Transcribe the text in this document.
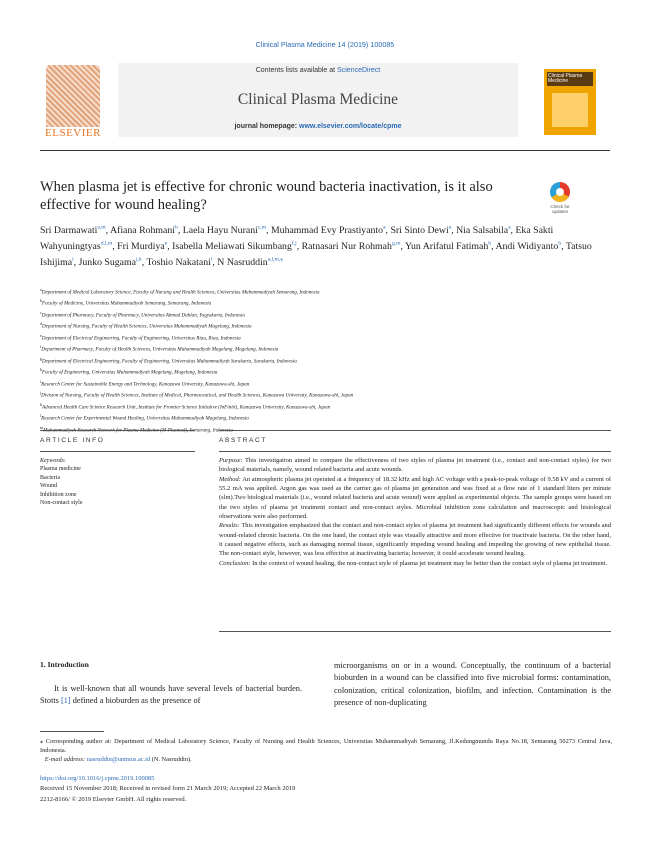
Clinical Plasma Medicine 14 (2019) 100085
ELSEVIER
Contents lists available at ScienceDirect
Clinical Plasma Medicine
journal homepage: www.elsevier.com/locate/cpme
Clinical Plasma Medicine
When plasma jet is effective for chronic wound bacteria inactivation, is it also effective for wound healing?	Check for updates
Sri Darmawati$^{a,m}$, Afiana Rohmani$^b$, Laela Hayu Nurani$^{c,m}$, Muhammad Evy Prastiyanto$^a$, Sri Sinto Dewi$^a$, Nia Salsabila$^a$, Eka Sakti Wahyuningtyas$^{d,l,m}$, Fri Murdiya$^e$, Isabella Meliawati Sikumbang$^{f,j}$, Ratnasari Nur Rohmah$^{g,m}$, Yun Arifatul Fatimah$^h$, Andi Widiyanto$^h$, Tatsuo Ishijima$^i$, Junko Sugama$^{j,k}$, Toshio Nakatani$^l$, N Nasruddin$^{a,l,m,⁎}$
$^a$Department of Medical Laboratory Science, Faculty of Nursing and Health Sciences, Universitas Muhammadiyah Semarang, Indonesia
$^b$Faculty of Medicine, Universitas Muhammadiyah Semarang, Semarang, Indonesia
$^c$Department of Pharmacy, Faculty of Pharmacy, Universitas Ahmad Dahlan, Yogyakarta, Indonesia
$^d$Department of Nursing, Faculty of Health Sciences, Universitas Muhammadiyah Magelang, Indonesia
$^e$Department of Electrical Engineering, Faculty of Engineering, Universitas Riau, Riau, Indonesia
$^f$Department of Pharmacy, Faculty of Health Sciences, Universitas Muhammadiyah Magelang, Magelang, Indonesia
$^g$Department of Electrical Engineering, Faculty of Engineering, Universitas Muhammadiyah Surakarta, Surakarta, Indonesia
$^h$Faculty of Engineering, Universitas Muhammadiyah Magelang, Magelang, Indonesia
$^i$Research Center for Sustainable Energy and Technology, Kanazawa University, Kanazawa-shi, Japan
$^j$Division of Nursing, Faculty of Health Sciences, Institute of Medical, Pharmaceutical, and Health Sciences, Kanazawa University, Kanazawa-shi, Japan
$^k$Advanced Health Care Science Research Unit, Institute for Frontier Science Initiative (InFiniti), Kanazawa University, Kanazawa-shi, Japan
$^l$Research Center for Experimental Wound Healing, Universitas Muhammadiyah Magelang, Indonesia
$^m$Muhammadiyah Research Network for Plasma Medicine (M-Plasmed), Semarang, Indonesia
ARTICLE INFO	ABSTRACT
Keywords:
Plasma medicine
Bacteria
Wound
Inhibition zone
Non-contact style

Purpose: This investigation aimed to compare the effectiveness of two styles of plasma jet treatment (i.e., contact and non-contact styles) for two biological materials, namely, wound related bacteria and acute wounds.

Method: An atmospheric plasma jet operated at a frequency of 18.32 kHz and high AC voltage with a peak-to-peak voltage of 9.58 kV and a current of 55.2 mA was applied. Argon gas was used as the carrier gas of plasma jet generation and was fixed at a flow rate of 1 standard liters per minute (slm).Two biological materials (i.e., wound related bacteria and acute wound) were applied as experimental objects. The sample groups were based on the two styles of plasma jet treatment contact and non-contact styles. Microbial inhibition zone calculation and macroscopic and histological observations were also performed.

Results: This investigation emphasized that the contact and non-contact styles of plasma jet treatment had significantly different effects for wounds and wound-related chronic bacteria. On the one hand, the contact style was visually attractive and more effective for inactivate bacteria. On the other hand, it caused negative effects, such as damaging normal tissue, significantly impeding wound healing and impeding the growing of new epithelial tissue. The non-contact style, however, was less effective at inactivating bacteria; however, it could accelerate wound healing.

Conclusion: In the context of wound healing, the non-contact style of plasma jet treatment may be better than the contact style of plasma jet treatment.

1. Introduction

It is well-known that all wounds have several levels of bacterial burden. Stotts [1] defined a bioburden as the presence of

microorganisms on or in a wound. Conceptually, the continuum of a bacterial bioburden in a wound can be classified into five microbial forms: contamination, colonization, critical colonization, biofilm, and infection. Contamination is the presence of non-duplicating

⁎ Corresponding author at: Department of Medical Laboratory Science, Faculty of Nursing and Health Sciences, Universitas Muhammadiyah Semarang, Jl.Kedungmundu Raya No.18, Semarang 50273 Central Java, Indonesia.
E-mail address: nasruddin@unimus.ac.id (N. Nasruddin).
https://doi.org/10.1016/j.cpme.2019.100085
Received 15 November 2018; Received in revised form 21 March 2019; Accepted 22 March 2019
2212-8166/ © 2019 Elsevier GmbH. All rights reserved.
